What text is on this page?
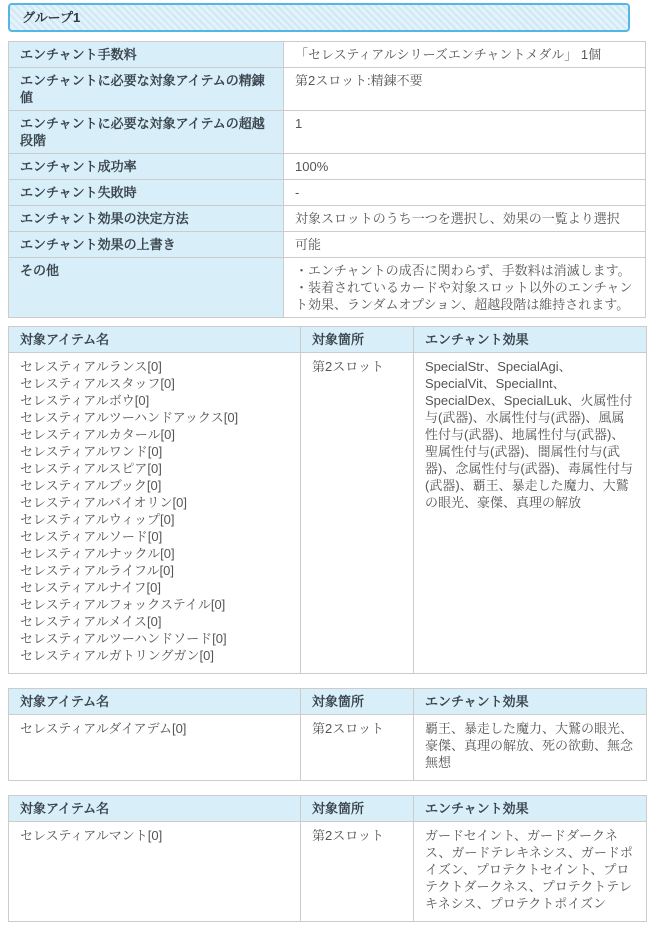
グループ1
エンチャント手数料	「セレスティアルシリーズエンチャントメダル」 1個
エンチャントに必要な対象アイテムの精錬値	第2スロット:精錬不要
エンチャントに必要な対象アイテムの超越段階	1
エンチャント成功率	100%
エンチャント失敗時	-
エンチャント効果の決定方法	対象スロットのうち一つを選択し、効果の一覧より選択
エンチャント効果の上書き	可能
その他	・エンチャントの成否に関わらず、手数料は消滅します。
・装着されているカードや対象スロット以外のエンチャント効果、ランダムオプション、超越段階は維持されます。
対象アイテム名	対象箇所	エンチャント効果

セレスティアルランス[0]
セレスティアルスタッフ[0]
セレスティアルボウ[0]
セレスティアルツーハンドアックス[0]
セレスティアルカタール[0]
セレスティアルワンド[0]
セレスティアルスピア[0]
セレスティアルブック[0]
セレスティアルバイオリン[0]
セレスティアルウィップ[0]
セレスティアルソード[0]
セレスティアルナックル[0]
セレスティアルライフル[0]
セレスティアルナイフ[0]
セレスティアルフォックステイル[0]
セレスティアルメイス[0]
セレスティアルツーハンドソード[0]
セレスティアルガトリングガン[0]
	第2スロット	SpecialStr、SpecialAgi、SpecialVit、SpecialInt、SpecialDex、SpecialLuk、火属性付与(武器)、水属性付与(武器)、風属性付与(武器)、地属性付与(武器)、聖属性付与(武器)、闇属性付与(武器)、念属性付与(武器)、毒属性付与(武器)、覇王、暴走した魔力、大鷲の眼光、豪傑、真理の解放
対象アイテム名	対象箇所	エンチャント効果

セレスティアルダイアデム[0]	第2スロット	覇王、暴走した魔力、大鷲の眼光、豪傑、真理の解放、死の欲動、無念無想
対象アイテム名	対象箇所	エンチャント効果

セレスティアルマント[0]	第2スロット	ガードセイント、ガードダークネス、ガードテレキネシス、ガードポイズン、プロテクトセイント、プロテクトダークネス、プロテクトテレキネシス、プロテクトポイズン
